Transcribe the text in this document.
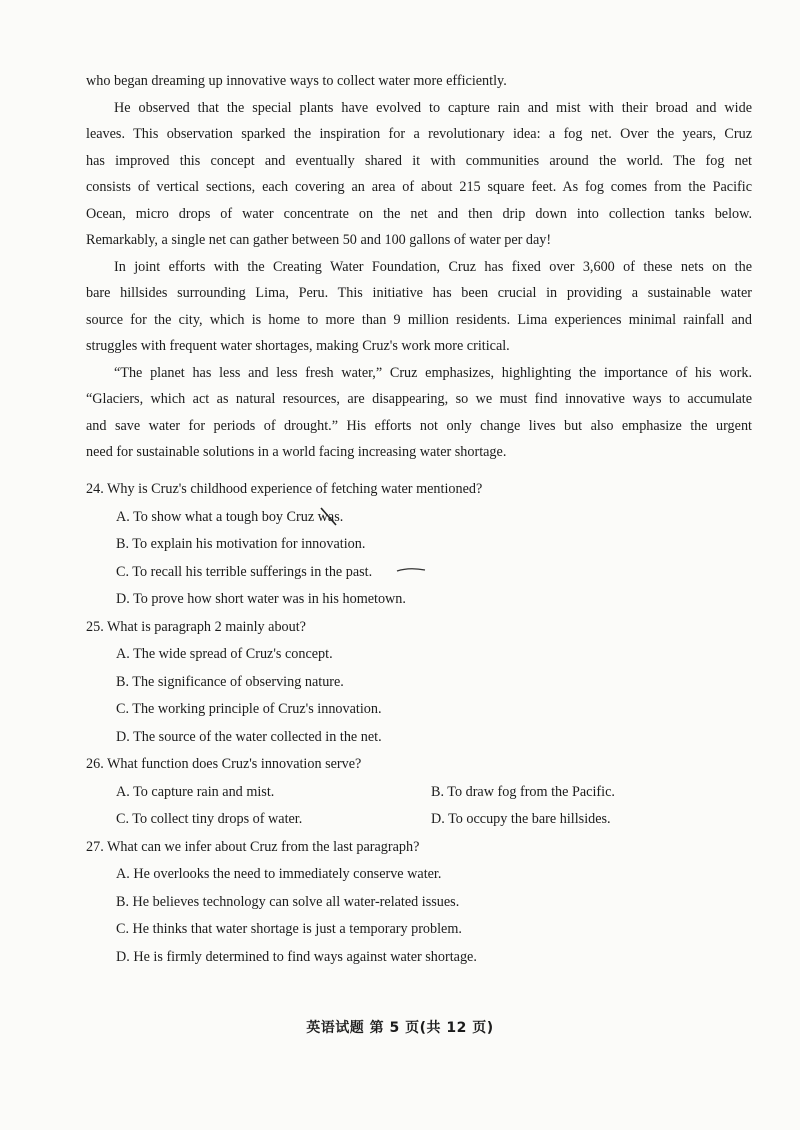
who began dreaming up innovative ways to collect water more efficiently.

He observed that the special plants have evolved to capture rain and mist with their broad and wide
leaves. This observation sparked the inspiration for a revolutionary idea: a fog net. Over the years, Cruz
has improved this concept and eventually shared it with communities around the world. The fog net
consists of vertical sections, each covering an area of about 215 square feet. As fog comes from the Pacific
Ocean, micro drops of water concentrate on the net and then drip down into collection tanks below.
Remarkably, a single net can gather between 50 and 100 gallons of water per day!

In joint efforts with the Creating Water Foundation, Cruz has fixed over 3,600 of these nets on the
bare hillsides surrounding Lima, Peru. This initiative has been crucial in providing a sustainable water
source for the city, which is home to more than 9 million residents. Lima experiences minimal rainfall and
struggles with frequent water shortages, making Cruz's work more critical.

“The planet has less and less fresh water,” Cruz emphasizes, highlighting the importance of his work.
“Glaciers, which act as natural resources, are disappearing, so we must find innovative ways to accumulate
and save water for periods of drought.” His efforts not only change lives but also emphasize the urgent
need for sustainable solutions in a world facing increasing water shortage.

24. Why is Cruz's childhood experience of fetching water mentioned?
A. To show what a tough boy Cruz was.
B. To explain his motivation for innovation.
C. To recall his terrible sufferings in the past.
D. To prove how short water was in his hometown.
25. What is paragraph 2 mainly about?
A. The wide spread of Cruz's concept.
B. The significance of observing nature.
C. The working principle of Cruz's innovation.
D. The source of the water collected in the net.
26. What function does Cruz's innovation serve?
A. To capture rain and mist.	B. To draw fog from the Pacific.
C. To collect tiny drops of water.	D. To occupy the bare hillsides.
27. What can we infer about Cruz from the last paragraph?
A. He overlooks the need to immediately conserve water.
B. He believes technology can solve all water-related issues.
C. He thinks that water shortage is just a temporary problem.
D. He is firmly determined to find ways against water shortage.
英语试题 第 5 页(共 12 页)
